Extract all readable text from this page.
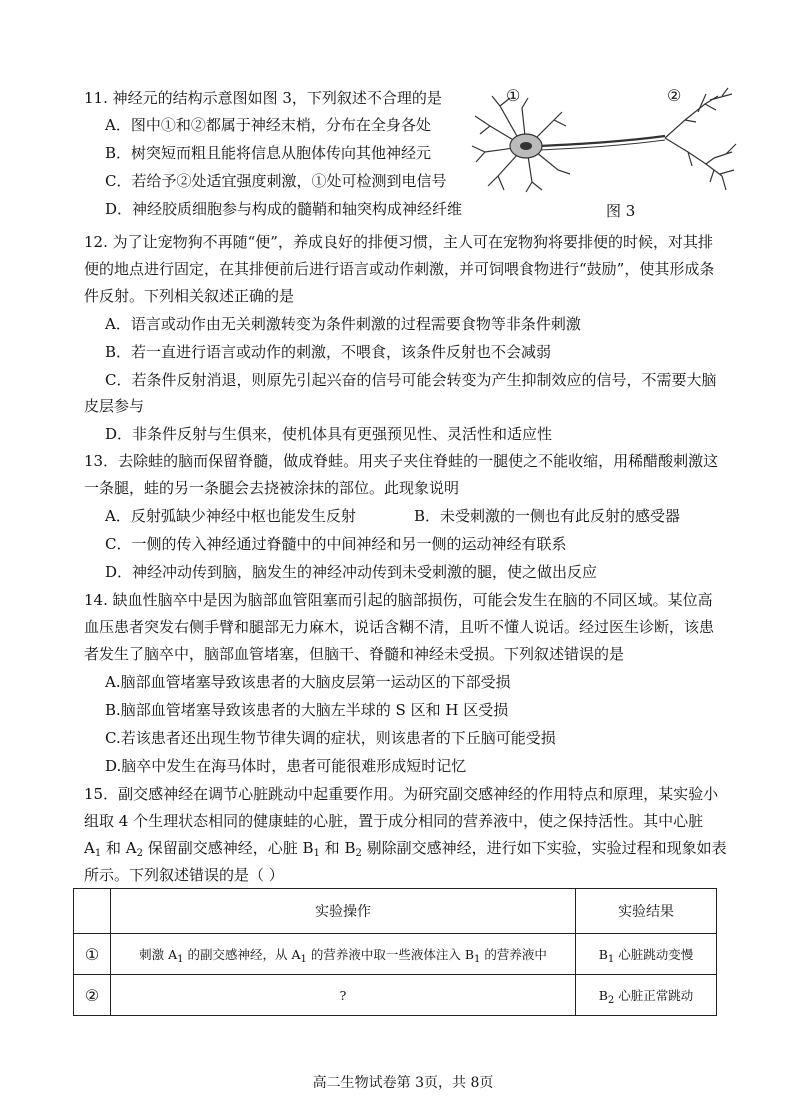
11. 神经元的结构示意图如图 3，下列叙述不合理的是
A．图中①和②都属于神经末梢，分布在全身各处
B．树突短而粗且能将信息从胞体传向其他神经元
C．若给予②处适宜强度刺激，①处可检测到电信号
D．神经胶质细胞参与构成的髓鞘和轴突构成神经纤维
①	②
图 3
12. 为了让宠物狗不再随“便”，养成良好的排便习惯，主人可在宠物狗将要排便的时候，对其排
便的地点进行固定，在其排便前后进行语言或动作刺激，并可饲喂食物进行“鼓励”，使其形成条
件反射。下列相关叙述正确的是
A．语言或动作由无关刺激转变为条件刺激的过程需要食物等非条件刺激
B．若一直进行语言或动作的刺激，不喂食，该条件反射也不会减弱
C．若条件反射消退，则原先引起兴奋的信号可能会转变为产生抑制效应的信号，不需要大脑
皮层参与
D．非条件反射与生俱来，使机体具有更强预见性、灵活性和适应性
13．去除蛙的脑而保留脊髓，做成脊蛙。用夹子夹住脊蛙的一腿使之不能收缩，用稀醋酸刺激这
一条腿，蛙的另一条腿会去挠被涂抹的部位。此现象说明
A．反射弧缺少神经中枢也能发生反射	B．未受刺激的一侧也有此反射的感受器
C．一侧的传入神经通过脊髓中的中间神经和另一侧的运动神经有联系
D．神经冲动传到脑，脑发生的神经冲动传到未受刺激的腿，使之做出反应
14. 缺血性脑卒中是因为脑部血管阻塞而引起的脑部损伤，可能会发生在脑的不同区域。某位高
血压患者突发右侧手臂和腿部无力麻木，说话含糊不清，且听不懂人说话。经过医生诊断，该患
者发生了脑卒中，脑部血管堵塞，但脑干、脊髓和神经未受损。下列叙述错误的是
A.脑部血管堵塞导致该患者的大脑皮层第一运动区的下部受损
B.脑部血管堵塞导致该患者的大脑左半球的 S 区和 H 区受损
C.若该患者还出现生物节律失调的症状，则该患者的下丘脑可能受损
D.脑卒中发生在海马体时，患者可能很难形成短时记忆
15．副交感神经在调节心脏跳动中起重要作用。为研究副交感神经的作用特点和原理，某实验小
组取 4 个生理状态相同的健康蛙的心脏，置于成分相同的营养液中，使之保持活性。其中心脏
$A_1$ 和 $A_2$ 保留副交感神经，心脏 $B_1$ 和 $B_2$ 剔除副交感神经，进行如下实验，实验过程和现象如表
所示。下列叙述错误的是（ ）
	实验操作	实验结果
①	刺激 $A_1$ 的副交感神经，从 $A_1$ 的营养液中取一些液体注入 $B_1$ 的营养液中	$B_1$ 心脏跳动变慢
②	?	$B_2$ 心脏正常跳动
高二生物试卷第 3页，共 8页
